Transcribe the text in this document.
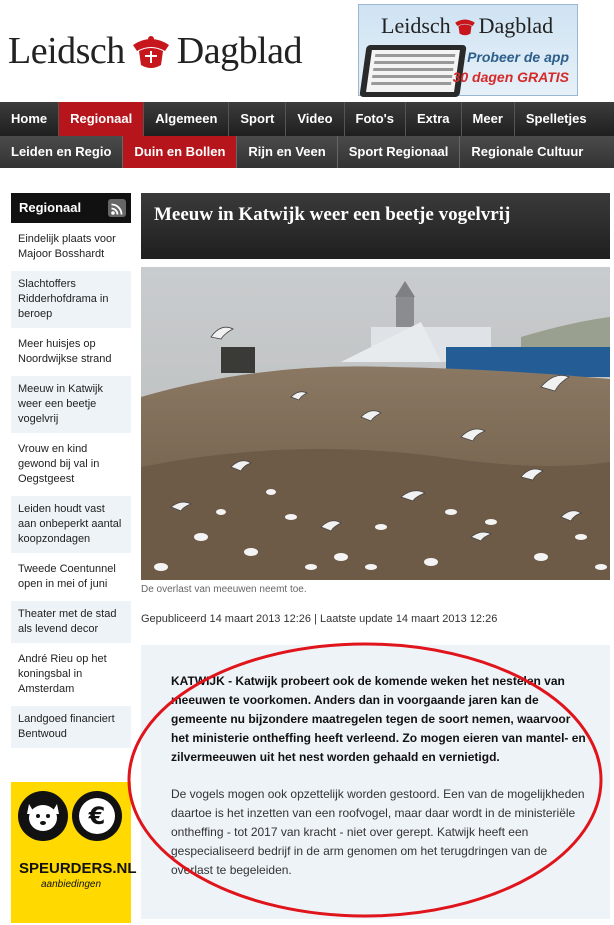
Leidsch Dagblad
Leidsch Dagblad
Probeer de app
30 dagen GRATIS
Home	Regionaal	Algemeen	Sport	Video	Foto's	Extra	Meer	Spelletjes
Leiden en Regio	Duin en Bollen	Rijn en Veen	Sport Regionaal	Regionale Cultuur
Regionaal
Eindelijk plaats voor Majoor Bosshardt
Slachtoffers Ridderhofdrama in beroep
Meer huisjes op Noordwijkse strand
Meeuw in Katwijk weer een beetje vogelvrij
Vrouw en kind gewond bij val in Oegstgeest
Leiden houdt vast aan onbeperkt aantal koopzondagen
Tweede Coentunnel open in mei of juni
Theater met de stad als levend decor
André Rieu op het koningsbal in Amsterdam
Landgoed financiert Bentwoud
€
SPEURDERS.NL
aanbiedingen
Meeuw in Katwijk weer een beetje vogelvrij
De overlast van meeuwen neemt toe.
Gepubliceerd 14 maart 2013 12:26 | Laatste update 14 maart 2013 12:26

KATWIJK - Katwijk probeert ook de komende weken het nestelen van meeuwen te voorkomen. Anders dan in voorgaande jaren kan de gemeente nu bijzondere maatregelen tegen de soort nemen, waarvoor het ministerie ontheffing heeft verleend. Zo mogen eieren van mantel- en zilvermeeuwen uit het nest worden gehaald en vernietigd.

De vogels mogen ook opzettelijk worden gestoord. Een van de mogelijkheden daartoe is het inzetten van een roofvogel, maar daar wordt in de ministeriële ontheffing - tot 2017 van kracht - niet over gerept. Katwijk heeft een gespecialiseerd bedrijf in de arm genomen om het terugdringen van de overlast te begeleiden.
